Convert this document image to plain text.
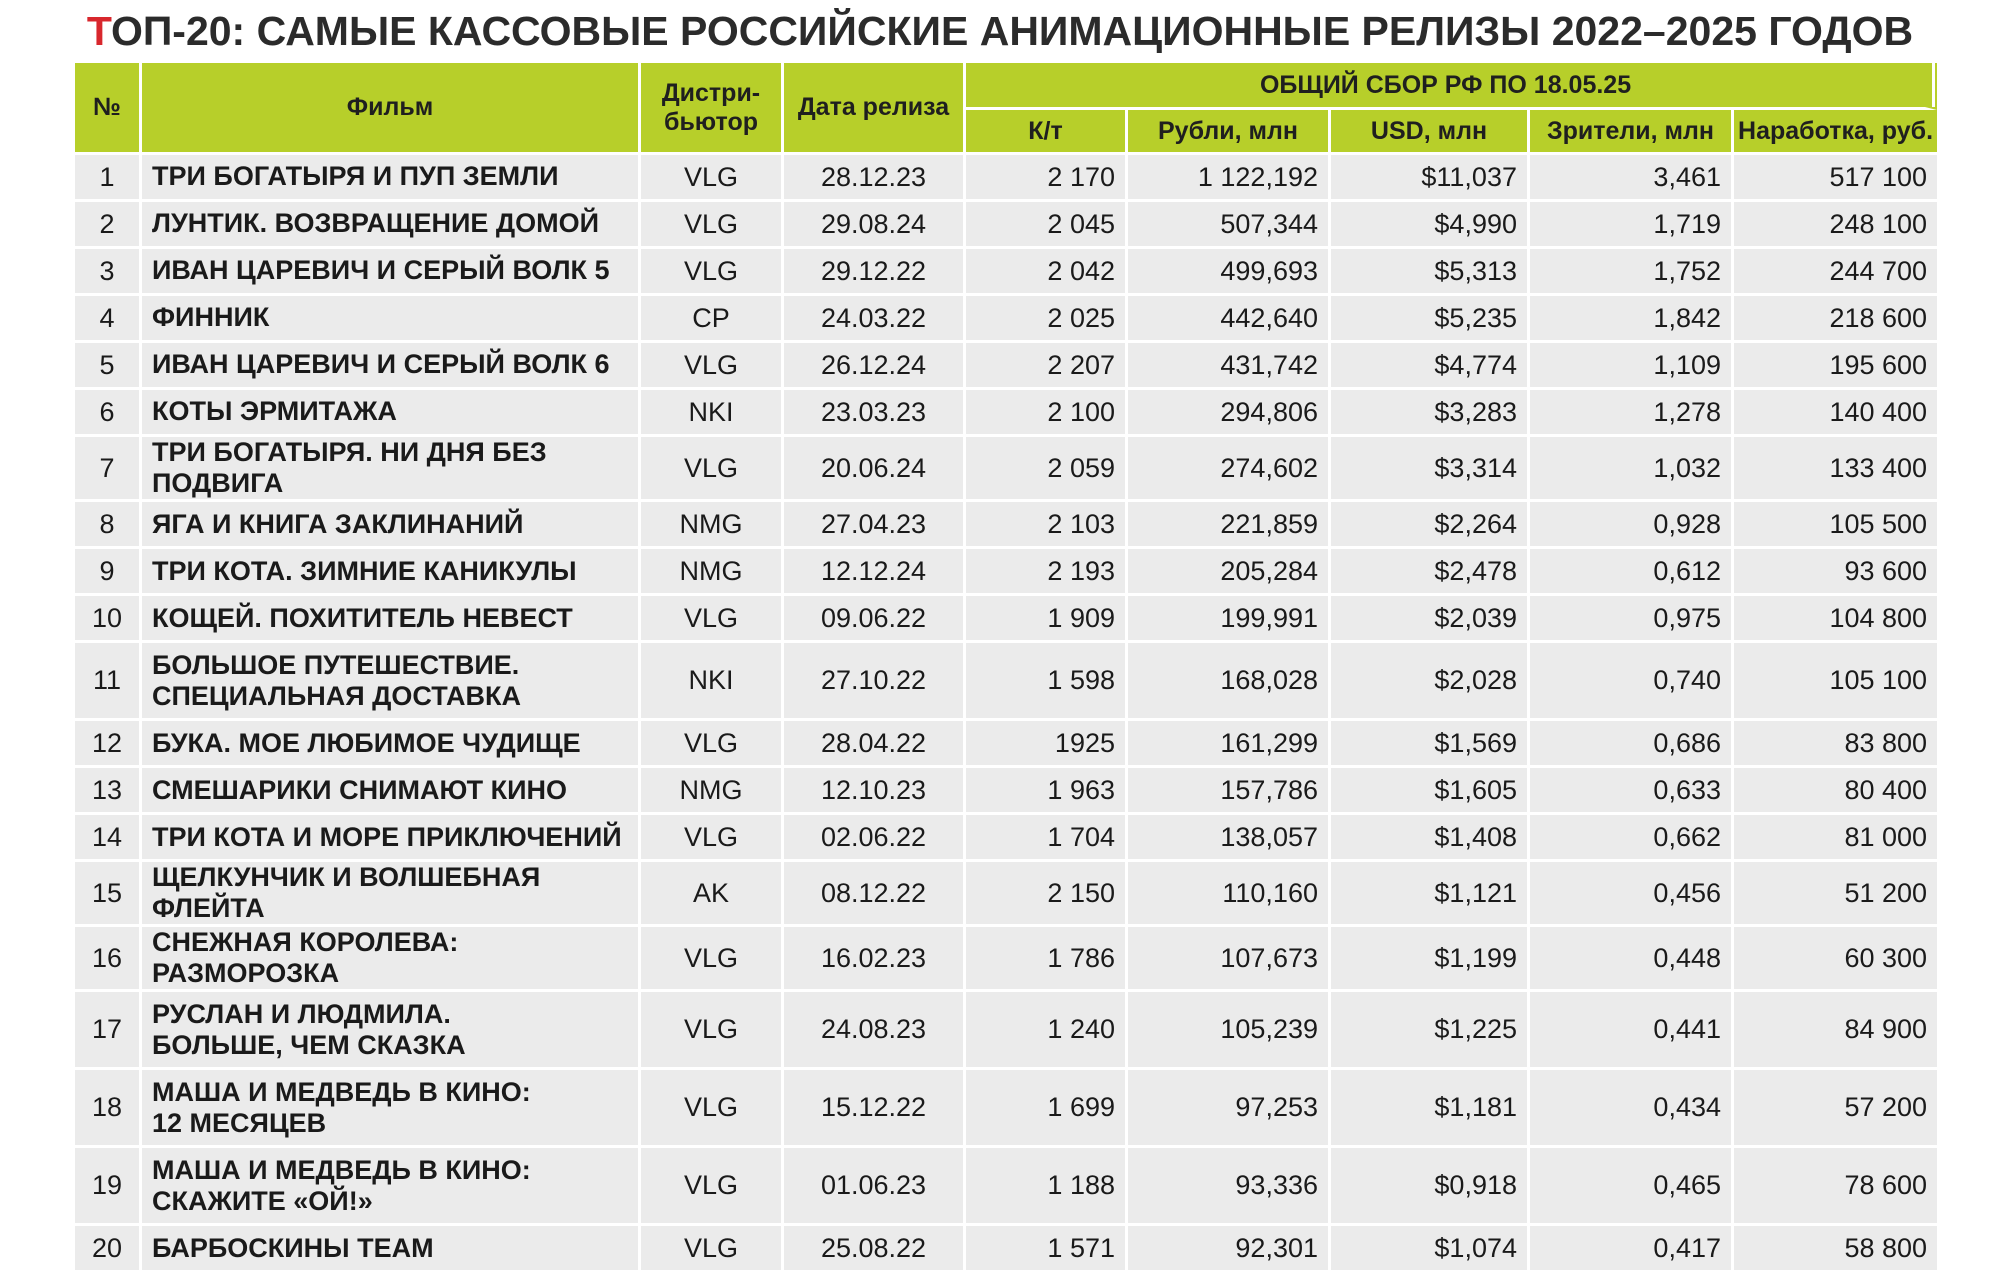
ТОП-20: САМЫЕ КАССОВЫЕ РОССИЙСКИЕ АНИМАЦИОННЫЕ РЕЛИЗЫ 2022–2025 ГОДОВ
№	Фильм	Дистри-
бьютор	Дата релиза	ОБЩИЙ СБОР РФ ПО 18.05.25				
				К/т	Рубли, млн	USD, млн	Зрители, млн	Наработка, руб.
1	ТРИ БОГАТЫРЯ И ПУП ЗЕМЛИ	VLG	28.12.23	2 170	1 122,192	$11,037	3,461	517 100
2	ЛУНТИК. ВОЗВРАЩЕНИЕ ДОМОЙ	VLG	29.08.24	2 045	507,344	$4,990	1,719	248 100
3	ИВАН ЦАРЕВИЧ И СЕРЫЙ ВОЛК 5	VLG	29.12.22	2 042	499,693	$5,313	1,752	244 700
4	ФИННИК	CP	24.03.22	2 025	442,640	$5,235	1,842	218 600
5	ИВАН ЦАРЕВИЧ И СЕРЫЙ ВОЛК 6	VLG	26.12.24	2 207	431,742	$4,774	1,109	195 600
6	КОТЫ ЭРМИТАЖА	NKI	23.03.23	2 100	294,806	$3,283	1,278	140 400
7	ТРИ БОГАТЫРЯ. НИ ДНЯ БЕЗ ПОДВИГА	VLG	20.06.24	2 059	274,602	$3,314	1,032	133 400
8	ЯГА И КНИГА ЗАКЛИНАНИЙ	NMG	27.04.23	2 103	221,859	$2,264	0,928	105 500
9	ТРИ КОТА. ЗИМНИЕ КАНИКУЛЫ	NMG	12.12.24	2 193	205,284	$2,478	0,612	93 600
10	КОЩЕЙ. ПОХИТИТЕЛЬ НЕВЕСТ	VLG	09.06.22	1 909	199,991	$2,039	0,975	104 800
11	БОЛЬШОЕ ПУТЕШЕСТВИЕ.
СПЕЦИАЛЬНАЯ ДОСТАВКА	NKI	27.10.22	1 598	168,028	$2,028	0,740	105 100
12	БУКА. МОЕ ЛЮБИМОЕ ЧУДИЩЕ	VLG	28.04.22	1925	161,299	$1,569	0,686	83 800
13	СМЕШАРИКИ СНИМАЮТ КИНО	NMG	12.10.23	1 963	157,786	$1,605	0,633	80 400
14	ТРИ КОТА И МОРЕ ПРИКЛЮЧЕНИЙ	VLG	02.06.22	1 704	138,057	$1,408	0,662	81 000
15	ЩЕЛКУНЧИК И ВОЛШЕБНАЯ ФЛЕЙТА	AK	08.12.22	2 150	110,160	$1,121	0,456	51 200
16	СНЕЖНАЯ КОРОЛЕВА: РАЗМОРОЗКА	VLG	16.02.23	1 786	107,673	$1,199	0,448	60 300
17	РУСЛАН И ЛЮДМИЛА.
БОЛЬШЕ, ЧЕМ СКАЗКА	VLG	24.08.23	1 240	105,239	$1,225	0,441	84 900
18	МАША И МЕДВЕДЬ В КИНО:
12 МЕСЯЦЕВ	VLG	15.12.22	1 699	97,253	$1,181	0,434	57 200
19	МАША И МЕДВЕДЬ В КИНО:
СКАЖИТЕ «ОЙ!»	VLG	01.06.23	1 188	93,336	$0,918	0,465	78 600
20	БАРБОСКИНЫ TEAM	VLG	25.08.22	1 571	92,301	$1,074	0,417	58 800
